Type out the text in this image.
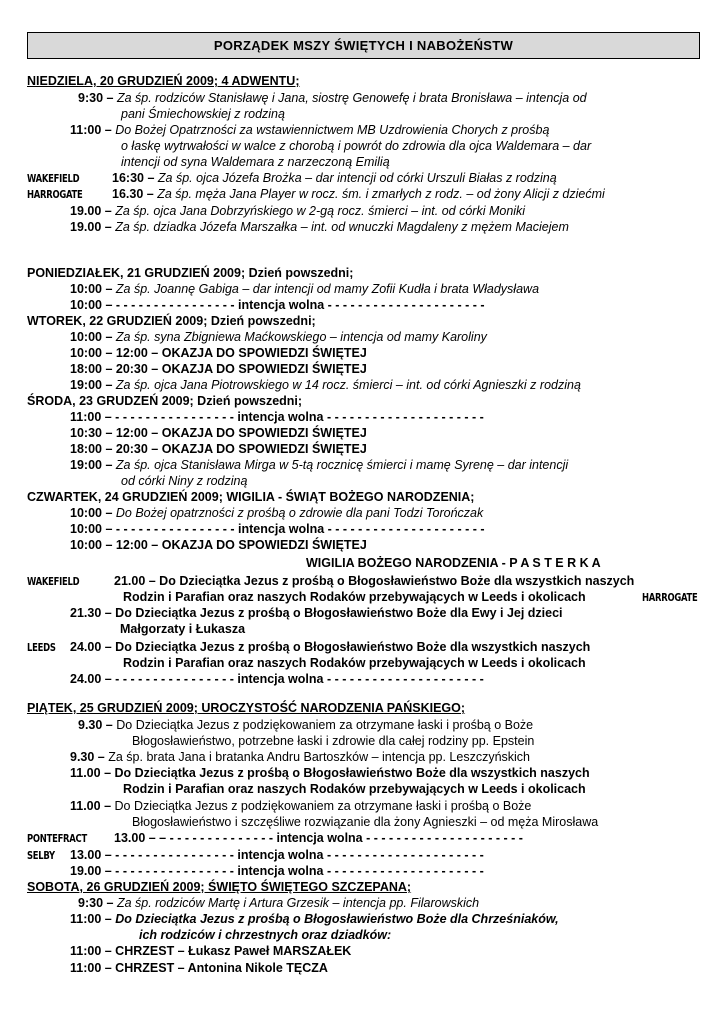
PORZĄDEK MSZY ŚWIĘTYCH I NABOŻEŃSTW
NIEDZIELA, 20 GRUDZIEŃ 2009; 4 ADWENTU;
9:30 – Za śp. rodziców Stanisławę i Jana, siostrę Genowefę i brata Bronisława – intencja od
pani Śmiechowskiej z rodziną
11:00 – Do Bożej Opatrzności za wstawiennictwem MB Uzdrowienia Chorych z prośbą
o łaskę wytrwałości w walce z chorobą i powrót do zdrowia dla ojca Waldemara – dar
intencji od syna Waldemara z narzeczoną Emilią
WAKEFIELD	16:30 – Za śp. ojca Józefa Brożka – dar intencji od córki Urszuli Białas z rodziną
HARROGATE 16.30 – Za śp. męża Jana Player w rocz. śm. i zmarłych z rodz. – od żony Alicji z dziećmi
19.00 – Za śp. ojca Jana Dobrzyńskiego w 2-gą rocz. śmierci – int. od córki Moniki
19.00 – Za śp. dziadka Józefa Marszałka – int. od wnuczki Magdaleny z mężem Maciejem
PONIEDZIAŁEK, 21 GRUDZIEŃ 2009; Dzień powszedni;
10:00 – Za śp. Joannę Gabiga – dar intencji od mamy Zofii Kudła i brata Władysława
10:00 – - - - - - - - - - - - - - - - - intencja wolna - - - - - - - - - - - - - - - - - - - - -
WTOREK, 22 GRUDZIEŃ 2009; Dzień powszedni;
10:00 – Za śp. syna Zbigniewa Maćkowskiego – intencja od mamy Karoliny
10:00 – 12:00 – OKAZJA DO SPOWIEDZI ŚWIĘTEJ
18:00 – 20:30 – OKAZJA DO SPOWIEDZI ŚWIĘTEJ
19:00 – Za śp. ojca Jana Piotrowskiego w 14 rocz. śmierci – int. od córki Agnieszki z rodziną
ŚRODA, 23 GRUDZEŃ 2009; Dzień powszedni;
11:00 – - - - - - - - - - - - - - - - - intencja wolna - - - - - - - - - - - - - - - - - - - - -
10:30 – 12:00 – OKAZJA DO SPOWIEDZI ŚWIĘTEJ
18:00 – 20:30 – OKAZJA DO SPOWIEDZI ŚWIĘTEJ
19:00 – Za śp. ojca Stanisława Mirga w 5-tą rocznicę śmierci i mamę Syrenę – dar intencji
od córki Niny z rodziną
CZWARTEK, 24 GRUDZIEŃ 2009; WIGILIA - ŚWIĄT BOŻEGO NARODZENIA;
10:00 – Do Bożej opatrzności z prośbą o zdrowie dla pani Todzi Torończak
10:00 – - - - - - - - - - - - - - - - - intencja wolna - - - - - - - - - - - - - - - - - - - - -
10:00 – 12:00 – OKAZJA DO SPOWIEDZI ŚWIĘTEJ
WIGILIA BOŻEGO NARODZENIA - P A S T E R K A
WAKEFIELD	21.00 – Do Dzieciątka Jezus z prośbą o Błogosławieństwo Boże dla wszystkich naszych
Rodzin i Parafian oraz naszych Rodaków przebywających w Leeds i okolicach	HARROGATE
21.30 – Do Dzieciątka Jezus z prośbą o Błogosławieństwo Boże dla Ewy i Jej dzieci
Małgorzaty i Łukasza
LEEDS 24.00 – Do Dzieciątka Jezus z prośbą o Błogosławieństwo Boże dla wszystkich naszych
Rodzin i Parafian oraz naszych Rodaków przebywających w Leeds i okolicach
24.00 – - - - - - - - - - - - - - - - - intencja wolna - - - - - - - - - - - - - - - - - - - - -
PIĄTEK, 25 GRUDZIEŃ 2009; UROCZYSTOŚĆ NARODZENIA PAŃSKIEGO;
9.30 – Do Dzieciątka Jezus z podziękowaniem za otrzymane łaski i prośbą o Boże
Błogosławieństwo, potrzebne łaski i zdrowie dla całej rodziny pp. Epstein
9.30 – Za śp. brata Jana i bratanka Andru Bartoszków – intencja pp. Leszczyńskich
11.00 – Do Dzieciątka Jezus z prośbą o Błogosławieństwo Boże dla wszystkich naszych
Rodzin i Parafian oraz naszych Rodaków przebywających w Leeds i okolicach
11.00 – Do Dzieciątka Jezus z podziękowaniem za otrzymane łaski i prośbą o Boże
Błogosławieństwo i szczęśliwe rozwiązanie dla żony Agnieszki – od męża Mirosława
PONTEFRACT 13.00 – – - - - - - - - - - - - - - - intencja wolna - - - - - - - - - - - - - - - - - - - - -
SELBY 13.00 – - - - - - - - - - - - - - - - - intencja wolna - - - - - - - - - - - - - - - - - - - - -
19.00 – - - - - - - - - - - - - - - - - intencja wolna - - - - - - - - - - - - - - - - - - - - -
SOBOTA, 26 GRUDZIEŃ 2009; ŚWIĘTO ŚWIĘTEGO SZCZEPANA;
9:30 – Za śp. rodziców Martę i Artura Grzesik – intencja pp. Filarowskich
11:00 – Do Dzieciątka Jezus z prośbą o Błogosławieństwo Boże dla Chrześniaków,
ich rodziców i chrzestnych oraz dziadków:
11:00 – CHRZEST – Łukasz Paweł MARSZAŁEK
11:00 – CHRZEST – Antonina Nikole TĘCZA
